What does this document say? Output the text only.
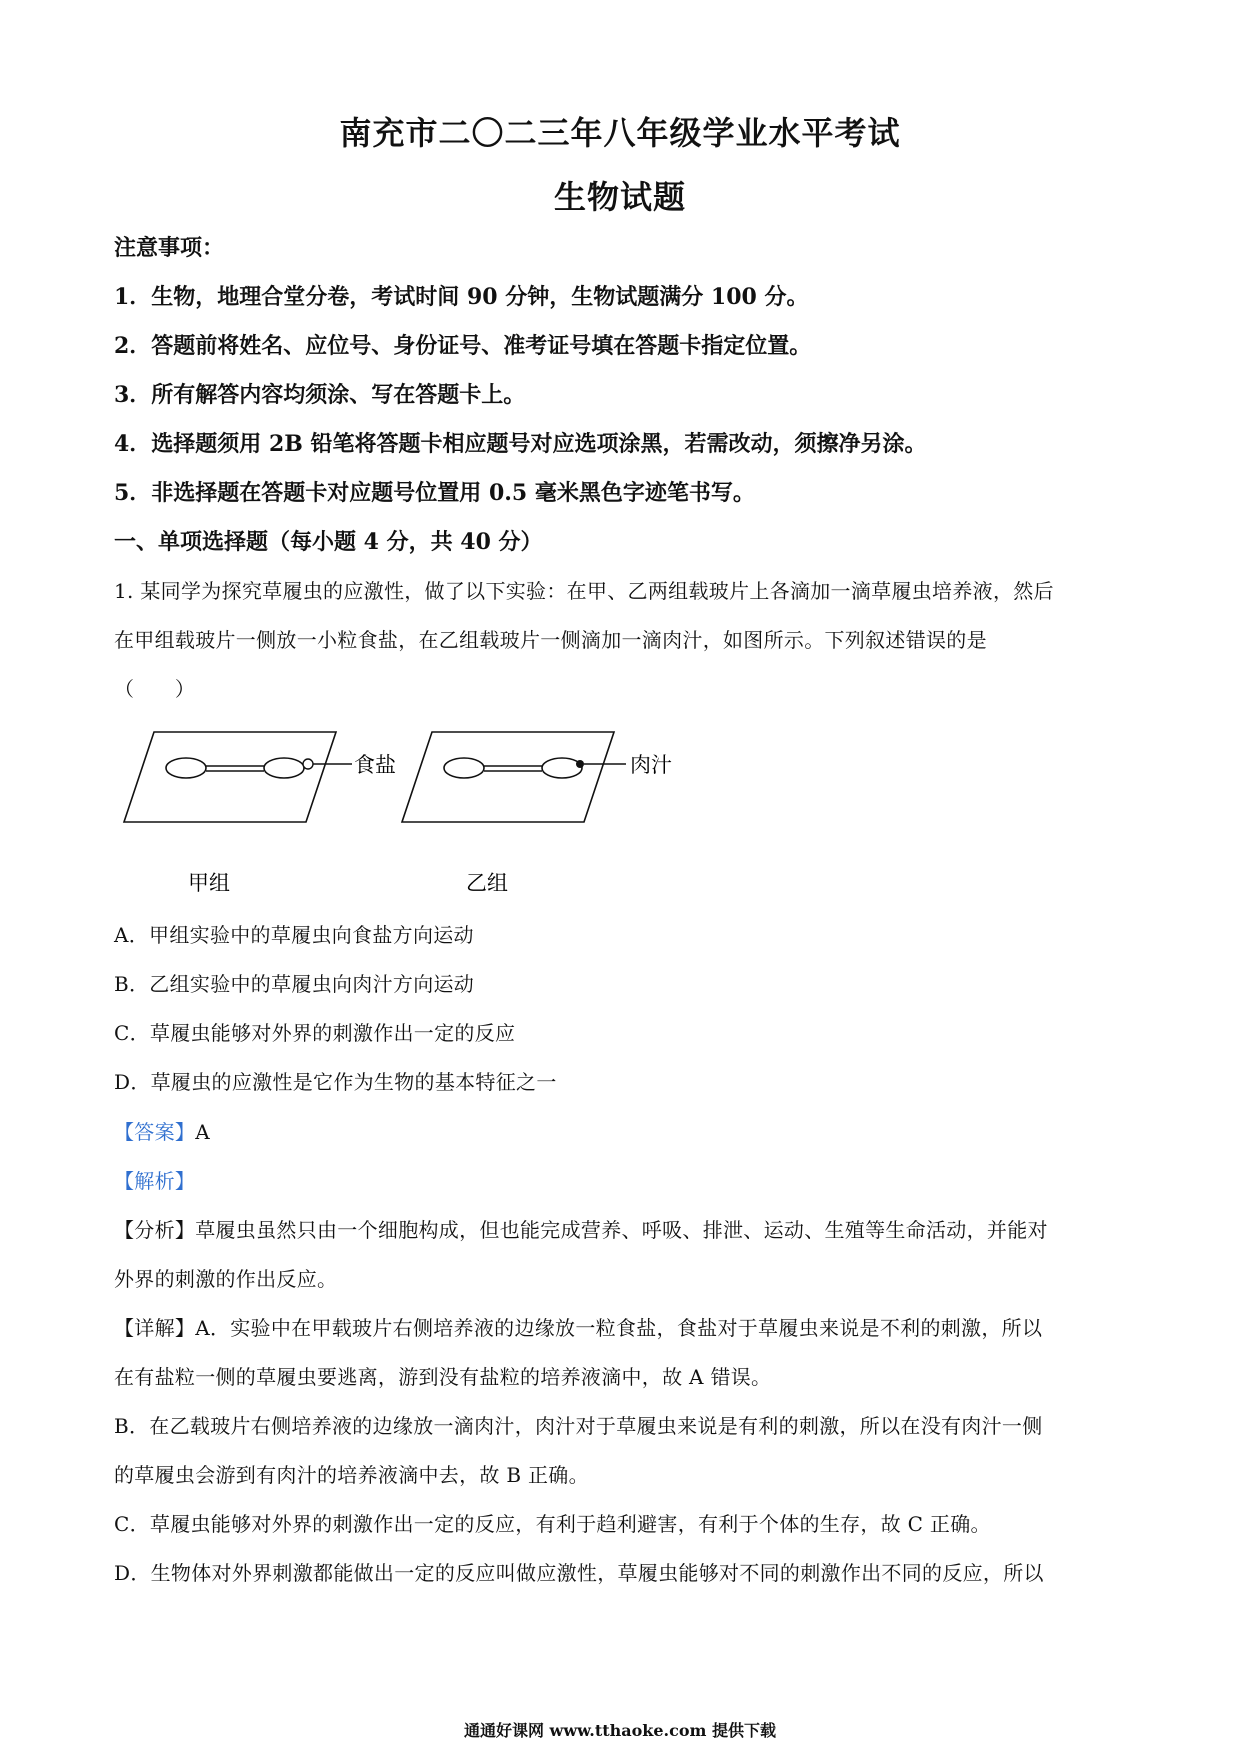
南充市二〇二三年八年级学业水平考试
生物试题
注意事项：
1．生物，地理合堂分卷，考试时间 90 分钟，生物试题满分 100 分。
2．答题前将姓名、应位号、身份证号、准考证号填在答题卡指定位置。
3．所有解答内容均须涂、写在答题卡上。
4．选择题须用 2B 铅笔将答题卡相应题号对应选项涂黑，若需改动，须擦净另涂。
5．非选择题在答题卡对应题号位置用 0.5 毫米黑色字迹笔书写。
一、单项选择题（每小题 4 分，共 40 分）
1. 某同学为探究草履虫的应激性，做了以下实验：在甲、乙两组载玻片上各滴加一滴草履虫培养液，然后
在甲组载玻片一侧放一小粒食盐，在乙组载玻片一侧滴加一滴肉汁，如图所示。下列叙述错误的是
（　　）
食盐	肉汁
甲组	乙组
A．甲组实验中的草履虫向食盐方向运动
B．乙组实验中的草履虫向肉汁方向运动
C．草履虫能够对外界的刺激作出一定的反应
D．草履虫的应激性是它作为生物的基本特征之一
【答案】A
【解析】
【分析】草履虫虽然只由一个细胞构成，但也能完成营养、呼吸、排泄、运动、生殖等生命活动，并能对
外界的刺激的作出反应。
【详解】A．实验中在甲载玻片右侧培养液的边缘放一粒食盐，食盐对于草履虫来说是不利的刺激，所以
在有盐粒一侧的草履虫要逃离，游到没有盐粒的培养液滴中，故 A 错误。
B．在乙载玻片右侧培养液的边缘放一滴肉汁，肉汁对于草履虫来说是有利的刺激，所以在没有肉汁一侧
的草履虫会游到有肉汁的培养液滴中去，故 B 正确。
C．草履虫能够对外界的刺激作出一定的反应，有利于趋利避害，有利于个体的生存，故 C 正确。
D．生物体对外界刺激都能做出一定的反应叫做应激性，草履虫能够对不同的刺激作出不同的反应，所以
通通好课网 www.tthaoke.com 提供下载
